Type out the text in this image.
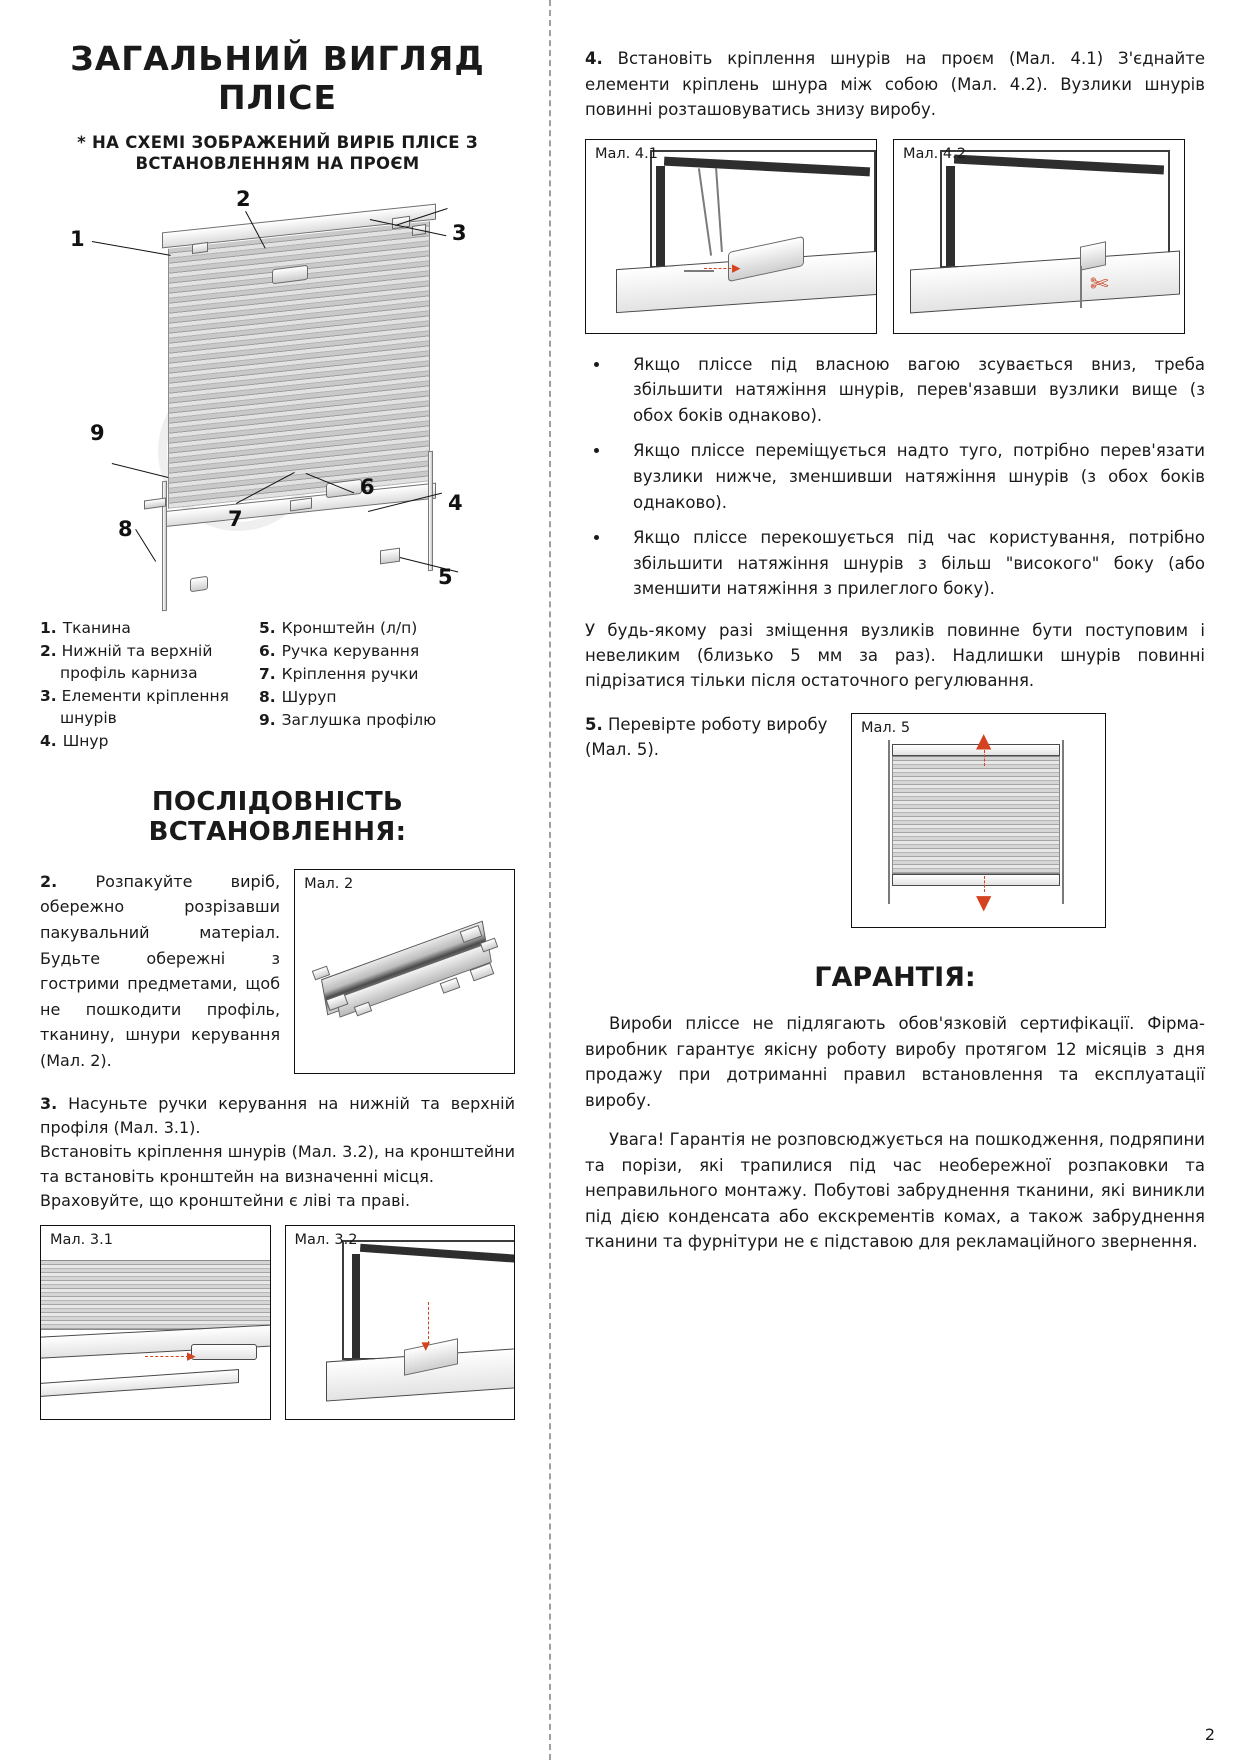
ЗАГАЛЬНИЙ ВИГЛЯД ПЛІСЕ
* НА СХЕМІ ЗОБРАЖЕНИЙ ВИРІБ ПЛІСЕ З ВСТАНОВЛЕННЯМ НА ПРОЄМ
1
2
3
4
5
6
7
8
9
1. Тканина
2. Нижній та верхній
профіль карниза
3. Елементи кріплення
шнурів
4. Шнур
5. Кронштейн (л/п)
6. Ручка керування
7. Кріплення ручки
8. Шуруп
9. Заглушка профілю
ПОСЛІДОВНІСТЬ ВСТАНОВЛЕННЯ:
2. Розпакуйте виріб, обережно розрізавши пакувальний матеріал. Будьте обережні з гострими предметами, щоб не пошкодити профіль, тканину, шнури керування (Мал. 2).
Мал. 2
3. Насуньте ручки керування на нижній та верхній профіля (Мал. 3.1).
Встановіть кріплення шнурів (Мал. 3.2), на кронштейни та встановіть кронштейн на визначенні місця.
Враховуйте, що кронштейни є ліві та праві.
Мал. 3.1
▸
Мал. 3.2
▾
4. Встановіть кріплення шнурів на проєм (Мал. 4.1) З'єднайте елементи кріплень шнура між собою (Мал. 4.2). Вузлики шнурів повинні розташовуватись знизу виробу.
Мал. 4.1
▸
Мал. 4.2
✄
• Якщо пліссе під власною вагою зсувається вниз, треба збільшити натяжіння шнурів, перев'язавши вузлики вище (з обох боків однаково).
• Якщо пліссе переміщується надто туго, потрібно перев'язати вузлики нижче, зменшивши натяжіння шнурів (з обох боків однаково).
• Якщо пліссе перекошується під час користування, потрібно збільшити натяжіння шнурів з більш "високого" боку (або зменшити натяжіння з прилеглого боку).
У будь-якому разі зміщення вузликів повинне бути поступовим і невеликим (близько 5 мм за раз). Надлишки шнурів повинні підрізатися тільки після остаточного регулювання.
5. Перевірте роботу виробу (Мал. 5).
Мал. 5	▲
▼
ГАРАНТІЯ:
Вироби пліссе не підлягають обов'язковій сертифікації. Фірма-виробник гарантує якісну роботу виробу протягом 12 місяців з дня продажу при дотриманні правил встановлення та експлуатації виробу.
Увага! Гарантія не розповсюджується на пошкодження, подряпини та порізи, які трапилися під час необережної розпаковки та неправильного монтажу. Побутові забруднення тканини, які виникли під дією конденсата або екскрементів комах, а також забруднення тканини та фурнітури не є підставою для рекламаційного звернення.
2
